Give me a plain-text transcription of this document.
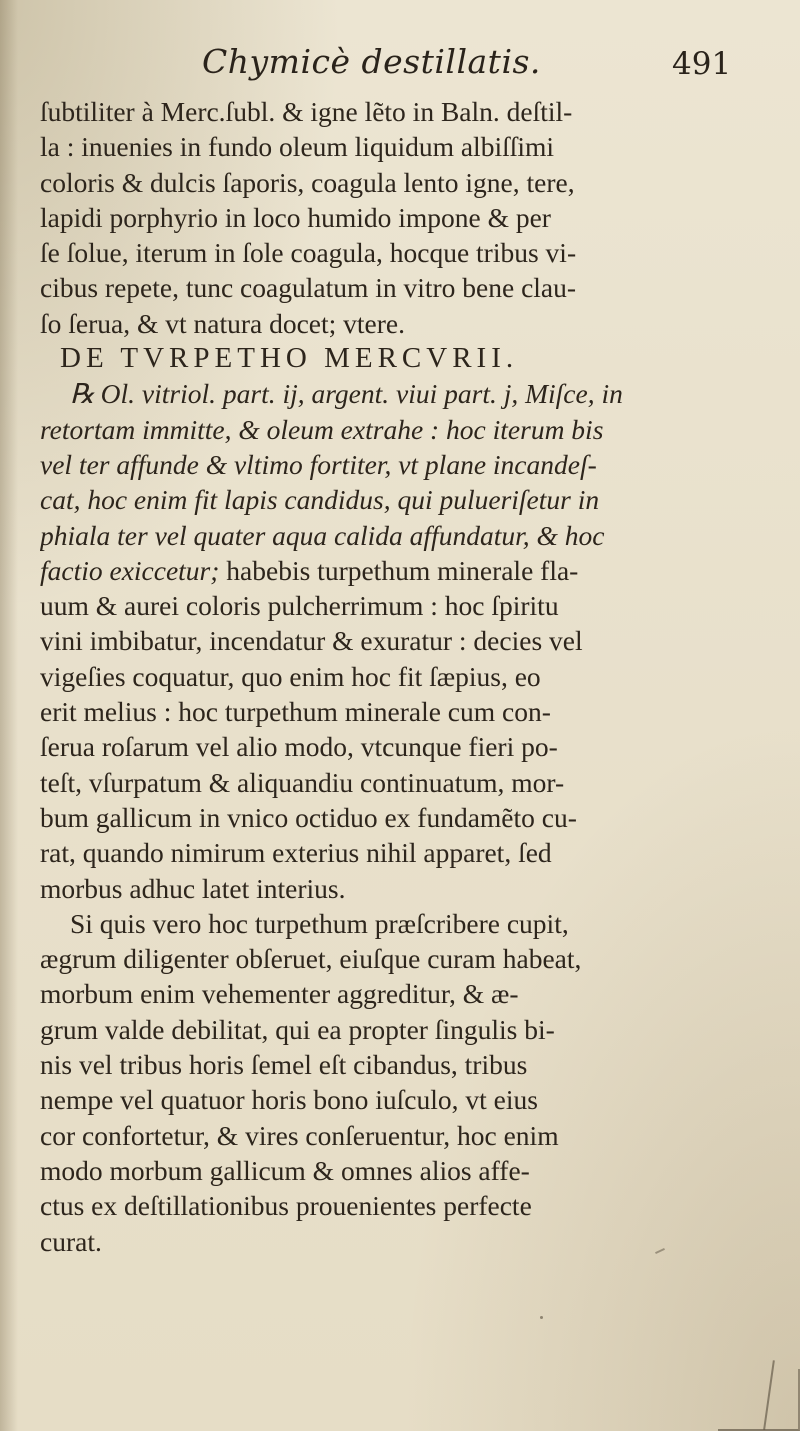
Chymicè destillatis.	491
ſubtiliter à Merc.ſubl. & igne lẽto in Baln. deſtil-
la : inuenies in fundo oleum liquidum albiſſimi
coloris & dulcis ſaporis, coagula lento igne, tere,
lapidi porphyrio in loco humido impone & per
ſe ſolue, iterum in ſole coagula, hocque tribus vi-
cibus repete, tunc coagulatum in vitro bene clau-
ſo ſerua, & vt natura docet; vtere.
DE TVRPETHO MERCVRII.
℞ Ol. vitriol. part. ij, argent. viui part. j, Miſce, in
retortam immitte, & oleum extrahe : hoc iterum bis
vel ter affunde & vltimo fortiter, vt plane incandeſ-
cat, hoc enim fit lapis candidus, qui pulueriſetur in
phiala ter vel quater aqua calida affundatur, & hoc
factio exiccetur; habebis turpethum minerale fla-
uum & aurei coloris pulcherrimum : hoc ſpiritu
vini imbibatur, incendatur & exuratur : decies vel
vigeſies coquatur, quo enim hoc fit ſæpius, eo
erit melius : hoc turpethum minerale cum con-
ſerua roſarum vel alio modo, vtcunque fieri po-
teſt, vſurpatum & aliquandiu continuatum, mor-
bum gallicum in vnico octiduo ex fundamẽto cu-
rat, quando nimirum exterius nihil apparet, ſed
morbus adhuc latet interius.
Si quis vero hoc turpethum præſcribere cupit,
ægrum diligenter obſeruet, eiuſque curam habeat,
morbum enim vehementer aggreditur, & æ-
grum valde debilitat, qui ea propter ſingulis bi-
nis vel tribus horis ſemel eſt cibandus, tribus
nempe vel quatuor horis bono iuſculo, vt eius
cor confortetur, & vires conſeruentur, hoc enim
modo morbum gallicum & omnes alios affe-
ctus ex deſtillationibus prouenientes perfecte
curat.
